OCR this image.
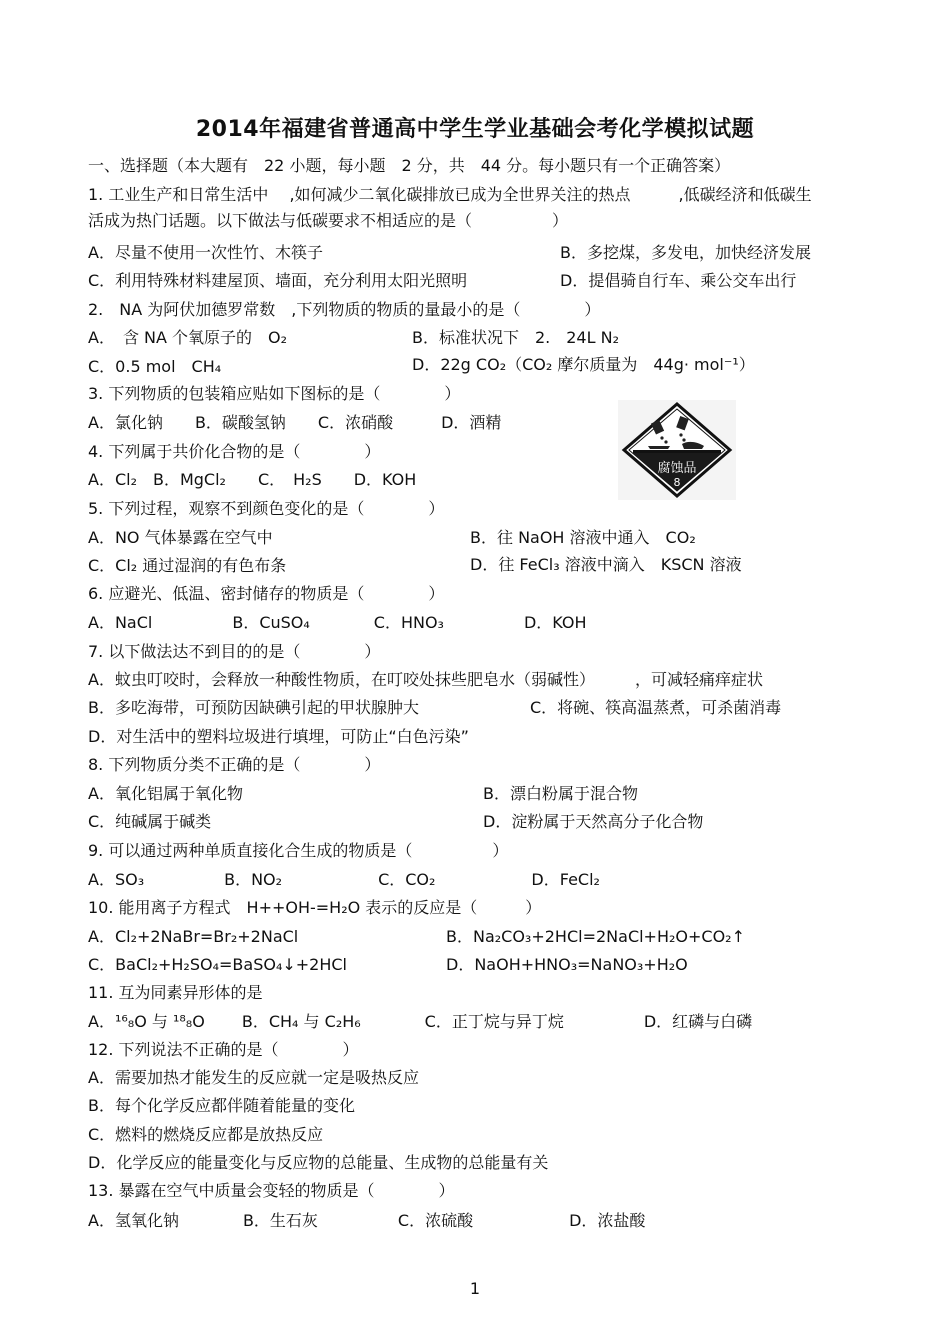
2014年福建省普通高中学生学业基础会考化学模拟试题
一、选择题（本大题有　22 小题，每小题　2 分，共　44 分。每小题只有一个正确答案）
1. 工业生产和日常生活中　 ,如何减少二氧化碳排放已成为全世界关注的热点　　　,低碳经济和低碳生
活成为热门话题。以下做法与低碳要求不相适应的是（　　　　　）
A．尽量不使用一次性竹、木筷子	B．多挖煤，多发电，加快经济发展
C．利用特殊材料建屋顶、墙面，充分利用太阳光照明	D．提倡骑自行车、乘公交车出行
2.　NA 为阿伏加德罗常数　,下列物质的物质的量最小的是（　　　　）
A．　含 NA 个氧原子的　O₂	B．标准状况下　2.　24L N₂
C．0.5 mol　CH₄	D．22g CO₂（CO₂ 摩尔质量为　44g· mol⁻¹）
3. 下列物质的包装箱应贴如下图标的是（　　　　）
A．氯化钠　　B．碳酸氢钠　　C．浓硝酸　　　D．酒精
腐蚀品
8
4. 下列属于共价化合物的是（　　　　）
A．Cl₂　B．MgCl₂　　C．　H₂S　　D．KOH
5. 下列过程，观察不到颜色变化的是（　　　　）
A．NO 气体暴露在空气中	B．往 NaOH 溶液中通入　CO₂
C．Cl₂ 通过湿润的有色布条	D．往 FeCl₃ 溶液中滴入　KSCN 溶液
6. 应避光、低温、密封储存的物质是（　　　　）
A．NaCl　　　　　B．CuSO₄　　　　C．HNO₃　　　　　D．KOH
7. 以下做法达不到目的的是（　　　　）
A．蚊虫叮咬时，会释放一种酸性物质，在叮咬处抹些肥皂水（弱碱性）　　　，可减轻痛痒症状
B．多吃海带，可预防因缺碘引起的甲状腺肿大	C．将碗、筷高温蒸煮，可杀菌消毒
D．对生活中的塑料垃圾进行填埋，可防止“白色污染”
8. 下列物质分类不正确的是（　　　　）
A．氧化铝属于氧化物	B．漂白粉属于混合物
C．纯碱属于碱类	D．淀粉属于天然高分子化合物
9. 可以通过两种单质直接化合生成的物质是（　　　　　）
A．SO₃　　　　　B．NO₂　　　　　　C．CO₂　　　　　　D．FeCl₂
10. 能用离子方程式　H++OH-=H₂O 表示的反应是（　　　）
A．Cl₂+2NaBr=Br₂+2NaCl	B．Na₂CO₃+2HCl=2NaCl+H₂O+CO₂↑
C．BaCl₂+H₂SO₄=BaSO₄↓+2HCl	D．NaOH+HNO₃=NaNO₃+H₂O
11. 互为同素异形体的是
A．¹⁶₈O 与 ¹⁸₈O　　 B．CH₄ 与 C₂H₆　　　　C．正丁烷与异丁烷　　　　　D．红磷与白磷
12. 下列说法不正确的是（　　　　）
A．需要加热才能发生的反应就一定是吸热反应
B．每个化学反应都伴随着能量的变化
C．燃料的燃烧反应都是放热反应
D．化学反应的能量变化与反应物的总能量、生成物的总能量有关
13. 暴露在空气中质量会变轻的物质是（　　　　）
A．氢氧化钠　　　　B．生石灰　　　　　C．浓硫酸　　　　　　D．浓盐酸
1
